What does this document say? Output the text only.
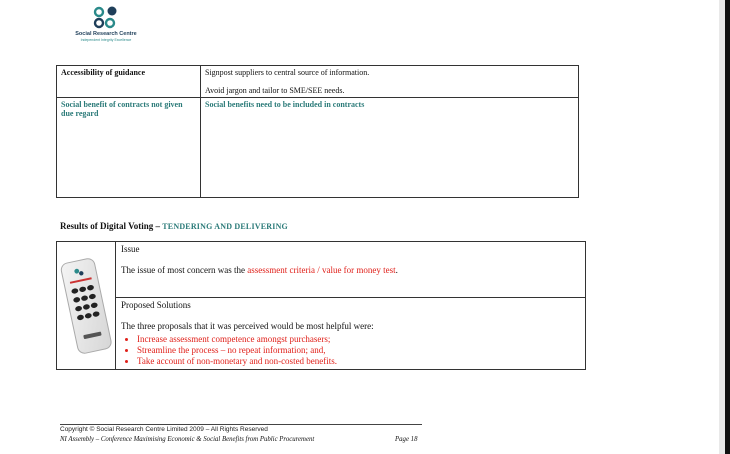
Social Research Centre
Independent Integrity Excellence
Accessibility of guidance	Signpost suppliers to central source of information.
Avoid jargon and tailor to SME/SEE needs.

Social benefit of contracts not given due regard	Social benefits need to be included in contracts
Results of Digital Voting – TENDERING AND DELIVERING

Issue

The issue of most concern was the assessment criteria / value for money test.

Proposed Solutions

The three proposals that it was perceived would be most helpful were:

• Increase assessment competence amongst purchasers;
• Streamline the process – no repeat information; and,
• Take account of non-monetary and non-costed benefits.
Copyright © Social Research Centre Limited 2009 – All Rights Reserved
NI Assembly – Conference Maximising Economic & Social Benefits from Public Procurement	Page 18
